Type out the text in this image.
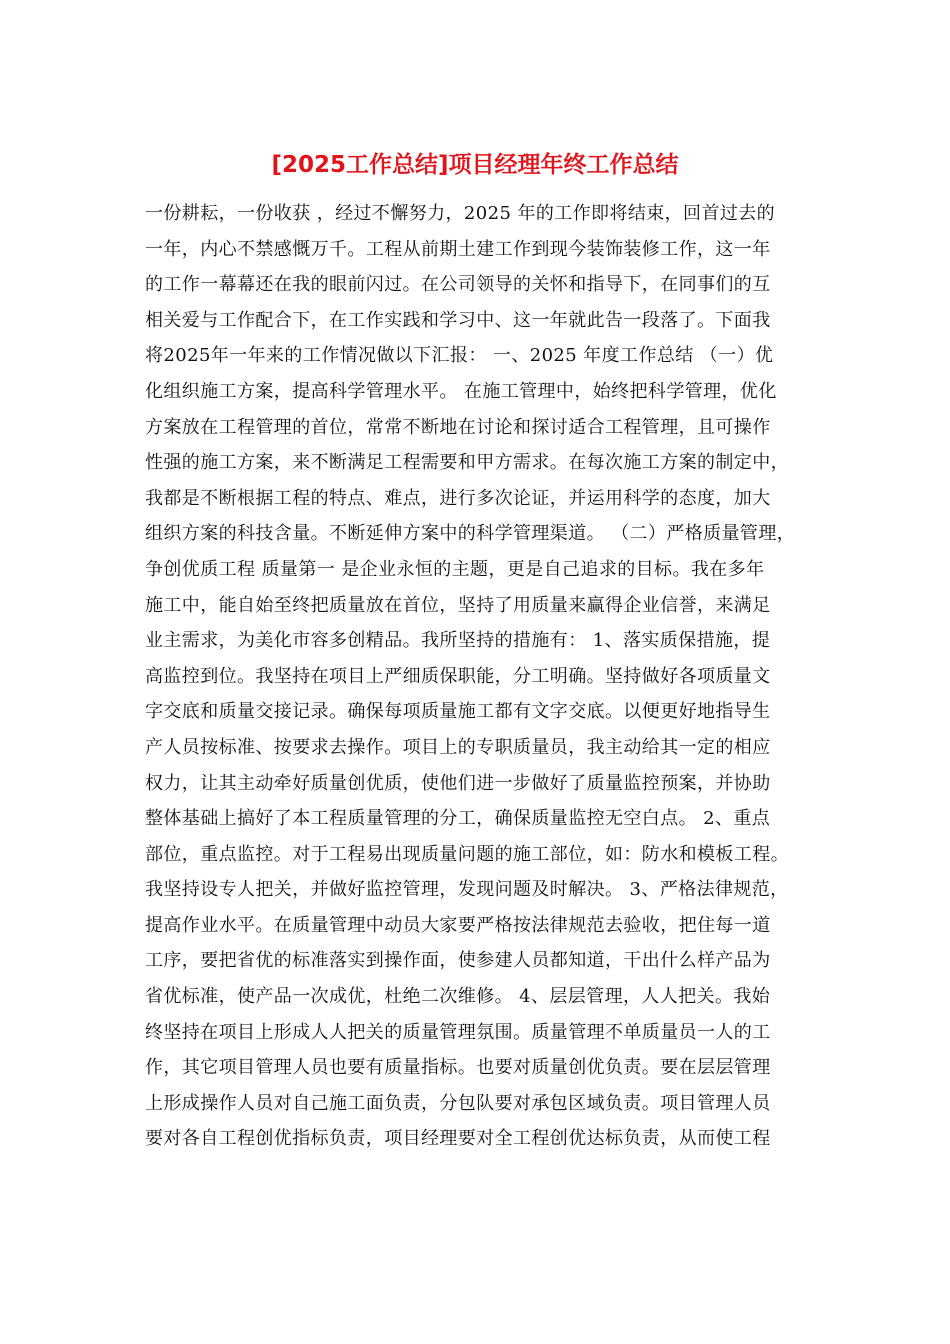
[2025工作总结]项目经理年终工作总结
一份耕耘，一份收获 ，经过不懈努力，2025 年的工作即将结束，回首过去的
一年，内心不禁感慨万千。工程从前期土建工作到现今装饰装修工作，这一年
的工作一幕幕还在我的眼前闪过。在公司领导的关怀和指导下，在同事们的互
相关爱与工作配合下，在工作实践和学习中、这一年就此告一段落了。下面我
将2025年一年来的工作情况做以下汇报： 一、2025 年度工作总结 （一）优
化组织施工方案，提高科学管理水平。 在施工管理中，始终把科学管理，优化
方案放在工程管理的首位，常常不断地在讨论和探讨适合工程管理，且可操作
性强的施工方案，来不断满足工程需要和甲方需求。在每次施工方案的制定中，
我都是不断根据工程的特点、难点，进行多次论证，并运用科学的态度，加大
组织方案的科技含量。不断延伸方案中的科学管理渠道。 （二）严格质量管理，
争创优质工程 质量第一 是企业永恒的主题，更是自己追求的目标。我在多年
施工中，能自始至终把质量放在首位，坚持了用质量来赢得企业信誉，来满足
业主需求，为美化市容多创精品。我所坚持的措施有： 1、落实质保措施，提
高监控到位。我坚持在项目上严细质保职能，分工明确。坚持做好各项质量文
字交底和质量交接记录。确保每项质量施工都有文字交底。以便更好地指导生
产人员按标准、按要求去操作。项目上的专职质量员，我主动给其一定的相应
权力，让其主动牵好质量创优质，使他们进一步做好了质量监控预案，并协助
整体基础上搞好了本工程质量管理的分工，确保质量监控无空白点。 2、重点
部位，重点监控。对于工程易出现质量问题的施工部位，如：防水和模板工程。
我坚持设专人把关，并做好监控管理，发现问题及时解决。 3、严格法律规范，
提高作业水平。在质量管理中动员大家要严格按法律规范去验收，把住每一道
工序，要把省优的标准落实到操作面，使参建人员都知道，干出什么样产品为
省优标准，使产品一次成优，杜绝二次维修。 4、层层管理，人人把关。我始
终坚持在项目上形成人人把关的质量管理氛围。质量管理不单质量员一人的工
作，其它项目管理人员也要有质量指标。也要对质量创优负责。要在层层管理
上形成操作人员对自己施工面负责，分包队要对承包区域负责。项目管理人员
要对各自工程创优指标负责，项目经理要对全工程创优达标负责，从而使工程
